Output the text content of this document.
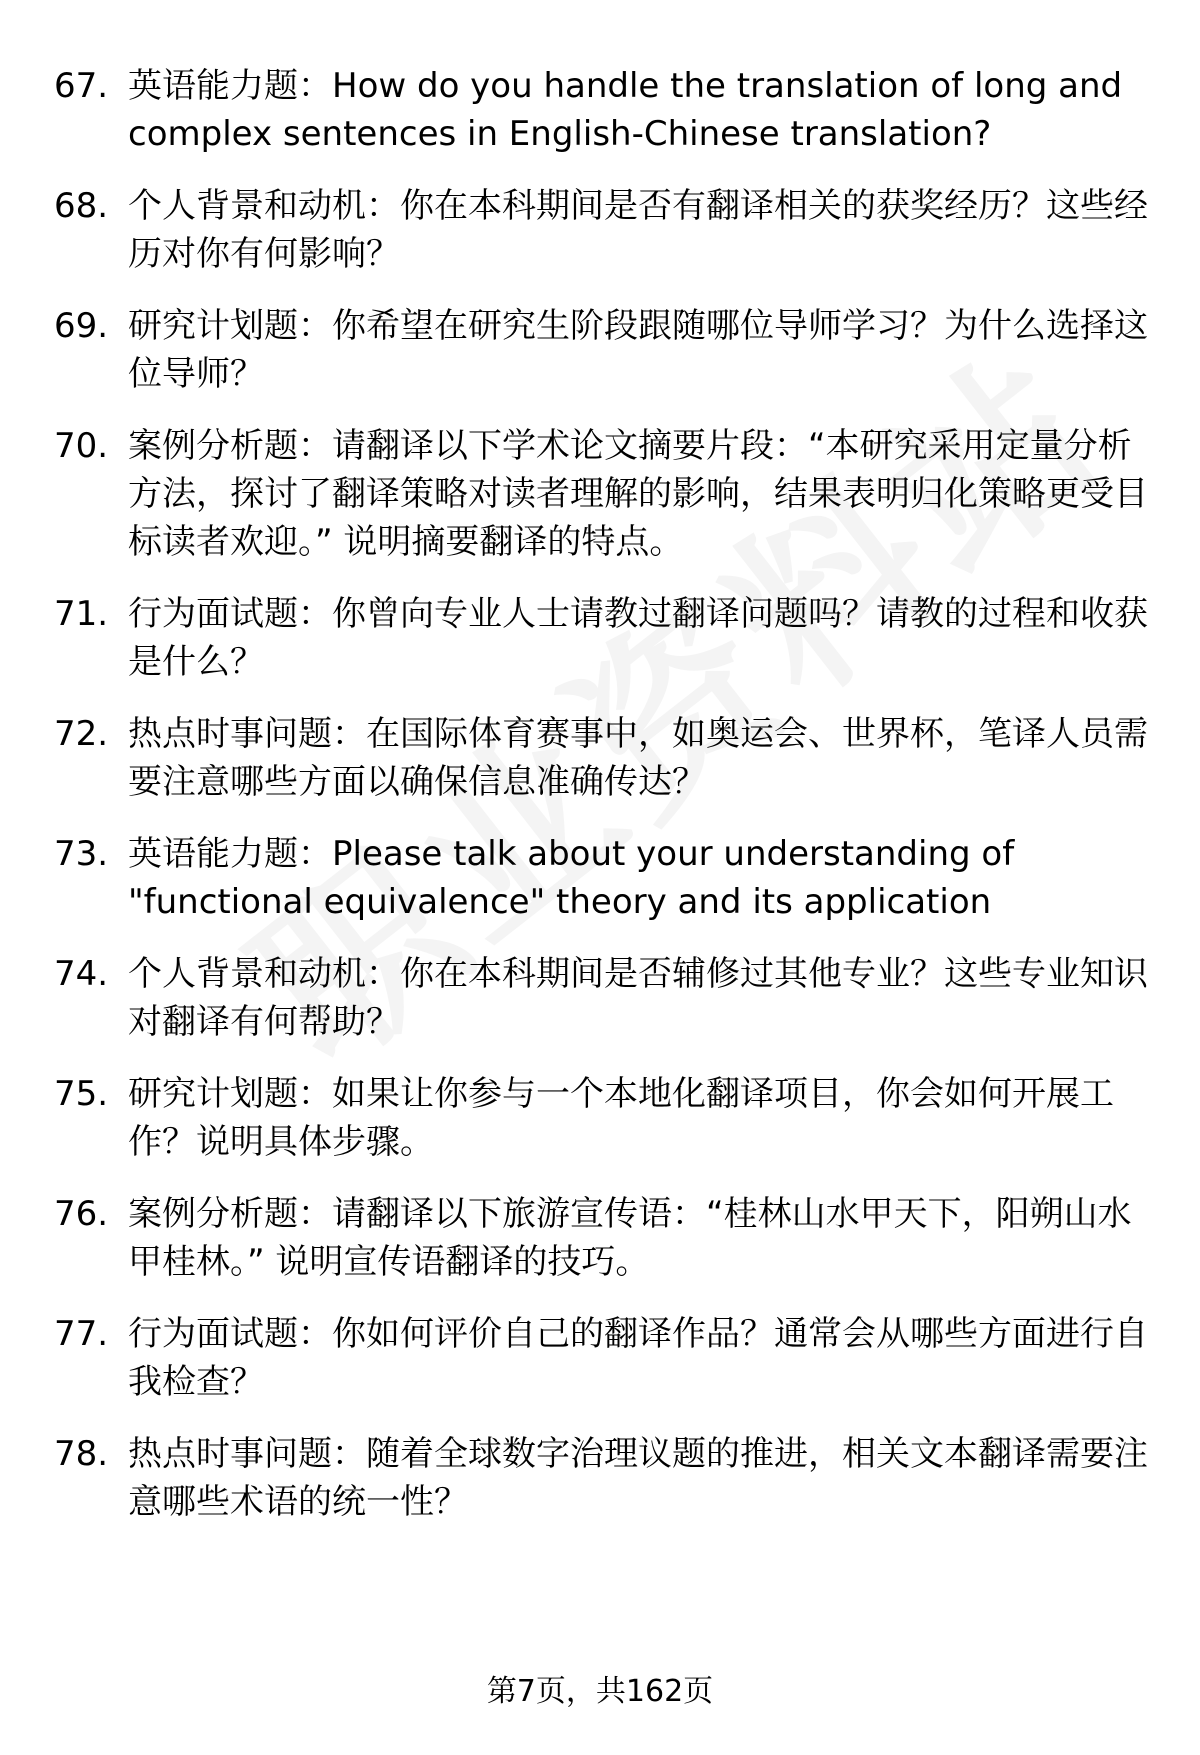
67. 英语能力题：How do you handle the translation of long and complex sentences in English-Chinese translation?
68. 个人背景和动机：你在本科期间是否有翻译相关的获奖经历？这些经历对你有何影响？
69. 研究计划题：你希望在研究生阶段跟随哪位导师学习？为什么选择这位导师？
70. 案例分析题：请翻译以下学术论文摘要片段：“本研究采用定量分析方法，探讨了翻译策略对读者理解的影响，结果表明归化策略更受目标读者欢迎。” 说明摘要翻译的特点。
71. 行为面试题：你曾向专业人士请教过翻译问题吗？请教的过程和收获是什么？
72. 热点时事问题：在国际体育赛事中，如奥运会、世界杯，笔译人员需要注意哪些方面以确保信息准确传达？
73. 英语能力题：Please talk about your understanding of "functional equivalence" theory and its application
74. 个人背景和动机：你在本科期间是否辅修过其他专业？这些专业知识对翻译有何帮助？
75. 研究计划题：如果让你参与一个本地化翻译项目，你会如何开展工作？说明具体步骤。
76. 案例分析题：请翻译以下旅游宣传语：“桂林山水甲天下，阳朔山水甲桂林。” 说明宣传语翻译的技巧。
77. 行为面试题：你如何评价自己的翻译作品？通常会从哪些方面进行自我检查？
78. 热点时事问题：随着全球数字治理议题的推进，相关文本翻译需要注意哪些术语的统一性？
第7页，共162页
